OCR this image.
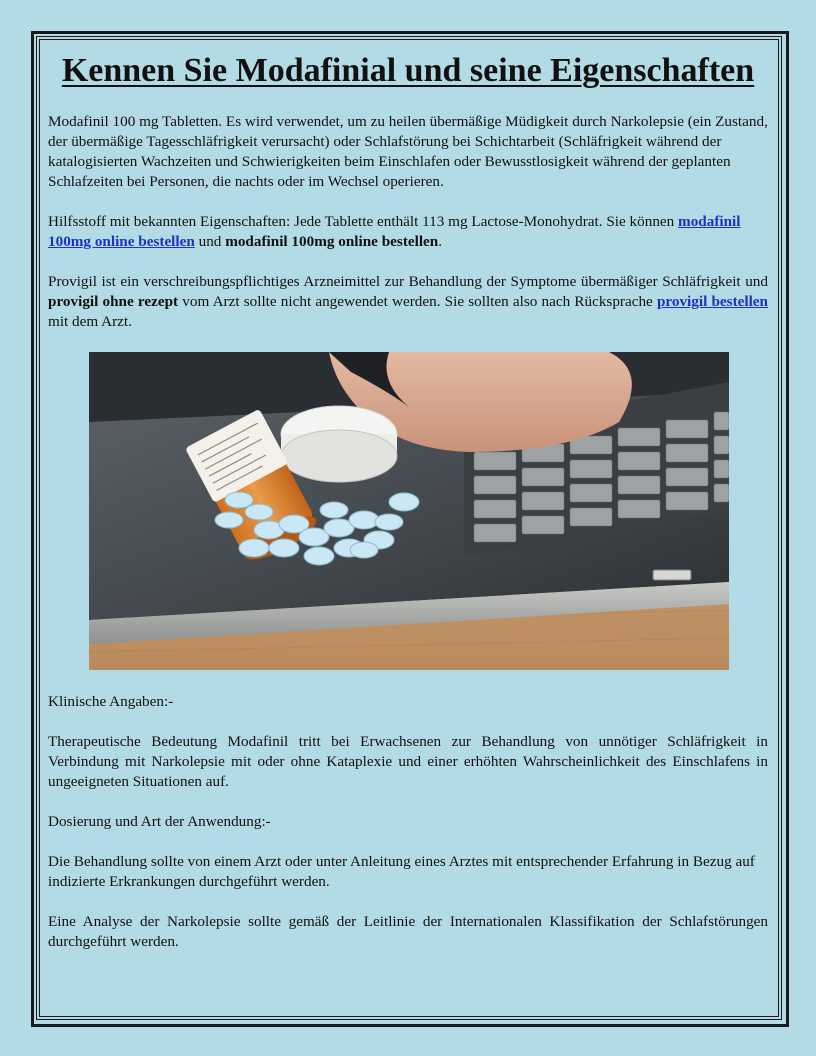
Kennen Sie Modafinial und seine Eigenschaften

Modafinil 100 mg Tabletten. Es wird verwendet, um zu heilen übermäßige Müdigkeit durch Narkolepsie (ein Zustand, der übermäßige Tagesschläfrigkeit verursacht) oder Schlafstörung bei Schichtarbeit (Schläfrigkeit während der katalogisierten Wachzeiten und Schwierigkeiten beim Einschlafen oder Bewusstlosigkeit während der geplanten Schlafzeiten bei Personen, die nachts oder im Wechsel operieren.

Hilfsstoff mit bekannten Eigenschaften: Jede Tablette enthält 113 mg Lactose-Monohydrat. Sie können modafinil 100mg online bestellen und modafinil 100mg online bestellen.

Provigil ist ein verschreibungspflichtiges Arzneimittel zur Behandlung der Symptome übermäßiger Schläfrigkeit und provigil ohne rezept vom Arzt sollte nicht angewendet werden. Sie sollten also nach Rücksprache provigil bestellen mit dem Arzt.

Klinische Angaben:-

Therapeutische Bedeutung Modafinil tritt bei Erwachsenen zur Behandlung von unnötiger Schläfrigkeit in Verbindung mit Narkolepsie mit oder ohne Kataplexie und einer erhöhten Wahrscheinlichkeit des Einschlafens in ungeeigneten Situationen auf.

Dosierung und Art der Anwendung:-

Die Behandlung sollte von einem Arzt oder unter Anleitung eines Arztes mit entsprechender Erfahrung in Bezug auf indizierte Erkrankungen durchgeführt werden.

Eine Analyse der Narkolepsie sollte gemäß der Leitlinie der Internationalen Klassifikation der Schlafstörungen durchgeführt werden.
